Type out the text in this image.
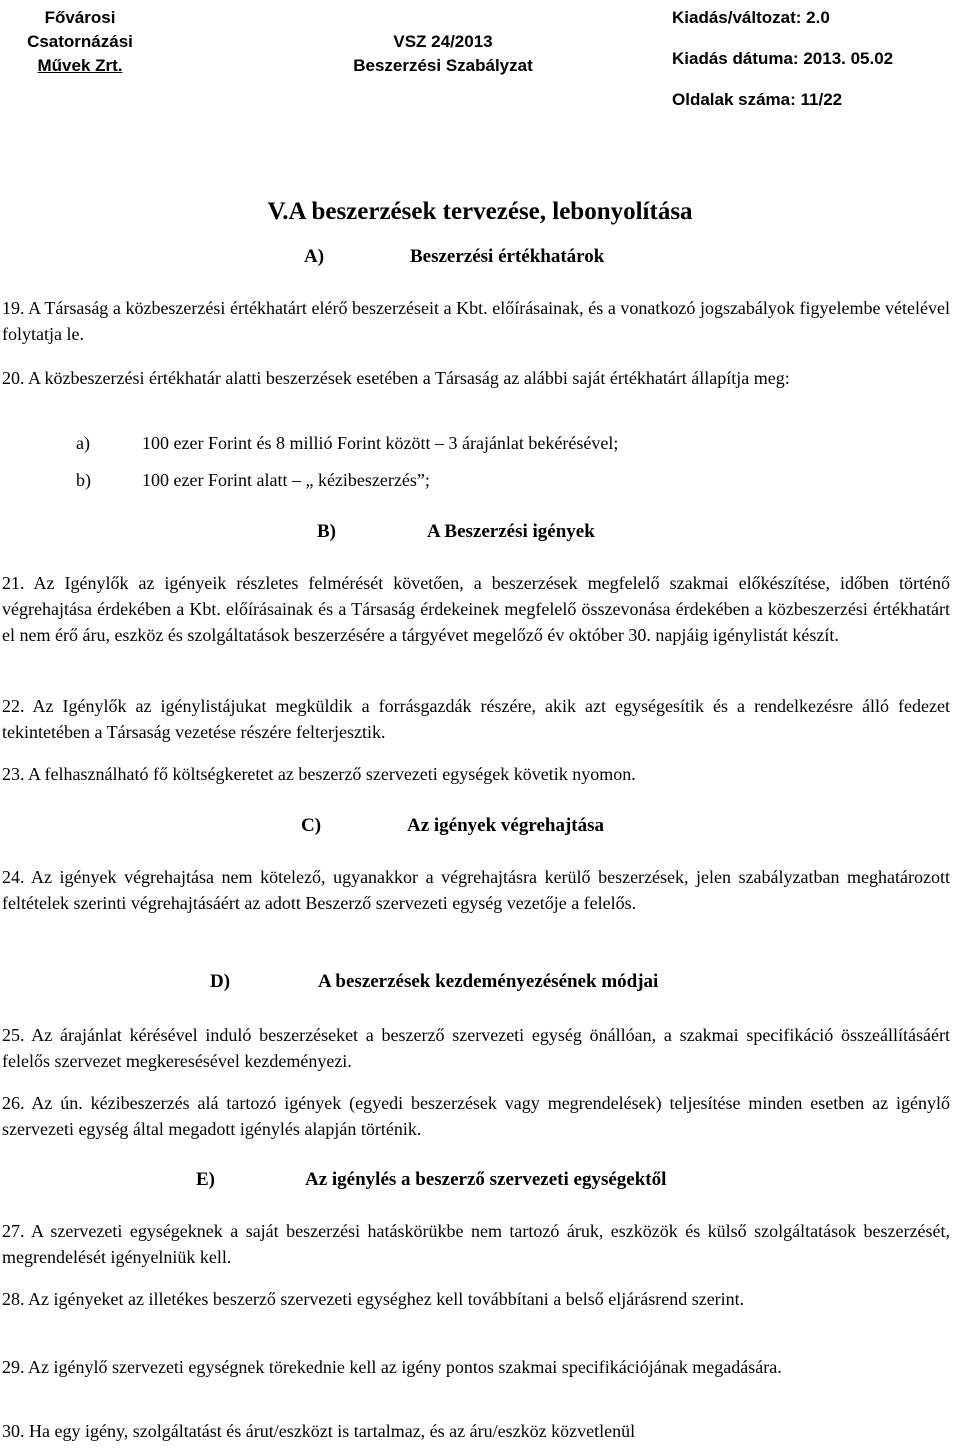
Fővárosi
Csatornázási
Művek Zrt.
VSZ 24/2013
Beszerzési Szabályzat
Kiadás/változat: 2.0
Kiadás dátuma: 2013. 05.02
Oldalak száma: 11/22
V.A beszerzések tervezése, lebonyolítása
A)	Beszerzési értékhatárok
19. A Társaság a közbeszerzési értékhatárt elérő beszerzéseit a Kbt. előírásainak, és a vonatkozó jogszabályok figyelembe vételével folytatja le.
20. A közbeszerzési értékhatár alatti beszerzések esetében a Társaság az alábbi saját értékhatárt állapítja meg:
a)	100 ezer Forint és 8 millió Forint között – 3 árajánlat bekérésével;
b)	100 ezer Forint alatt – „ kézibeszerzés”;
B)	A Beszerzési igények
21. Az Igénylők az igényeik részletes felmérését követően, a beszerzések megfelelő szakmai előkészítése, időben történő végrehajtása érdekében a Kbt. előírásainak és a Társaság érdekeinek megfelelő összevonása érdekében a közbeszerzési értékhatárt el nem érő áru, eszköz és szolgáltatások beszerzésére a tárgyévet megelőző év október 30. napjáig igénylistát készít.
22. Az Igénylők az igénylistájukat megküldik a forrásgazdák részére, akik azt egységesítik és a rendelkezésre álló fedezet tekintetében a Társaság vezetése részére felterjesztik.
23. A felhasználható fő költségkeretet az beszerző szervezeti egységek követik nyomon.
C)	Az igények végrehajtása
24. Az igények végrehajtása nem kötelező, ugyanakkor a végrehajtásra kerülő beszerzések, jelen szabályzatban meghatározott feltételek szerinti végrehajtásáért az adott Beszerző szervezeti egység vezetője a felelős.
D)	A beszerzések kezdeményezésének módjai
25. Az árajánlat kérésével induló beszerzéseket a beszerző szervezeti egység önállóan, a szakmai specifikáció összeállításáért felelős szervezet megkeresésével kezdeményezi.
26. Az ún. kézibeszerzés alá tartozó igények (egyedi beszerzések vagy megrendelések) teljesítése minden esetben az igénylő szervezeti egység által megadott igénylés alapján történik.
E)	Az igénylés a beszerző szervezeti egységektől
27. A szervezeti egységeknek a saját beszerzési hatáskörükbe nem tartozó áruk, eszközök és külső szolgáltatások beszerzését, megrendelését igényelniük kell.
28. Az igényeket az illetékes beszerző szervezeti egységhez kell továbbítani a belső eljárásrend szerint.
29. Az igénylő szervezeti egységnek törekednie kell az igény pontos szakmai specifikációjának megadására.
30. Ha egy igény, szolgáltatást és árut/eszközt is tartalmaz, és az áru/eszköz közvetlenül
